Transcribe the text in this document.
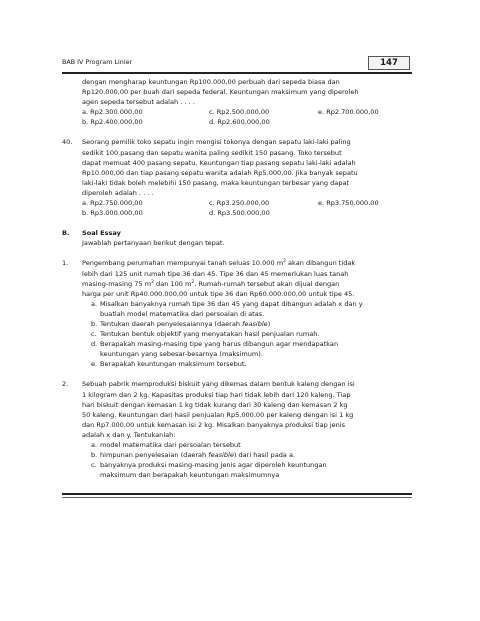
BAB IV Program Linier	147
dengan mengharap keuntungan Rp100.000,00 perbuah dari sepeda biasa dan
Rp120.000,00 per buah dari sepeda federal. Keuntungan maksimum yang diperoleh
agen sepeda tersebut adalah . . . .
a. Rp2.300.000,00	c. Rp2.500.000,00	e. Rp2.700.000,00
b. Rp2.400.000,00	d. Rp2.600.000,00
40. Seorang pemilik toko sepatu ingin mengisi tokonya dengan sepatu laki-laki paling
sedikit 100 pasang dan sepatu wanita paling sedikit 150 pasang. Toko tersebut
dapat memuat 400 pasang sepatu. Keuntungan tiap pasang sepatu laki-laki adalah
Rp10.000,00 dan tiap pasang sepatu wanita adalah Rp5.000,00. Jika banyak sepatu
laki-laki tidak boleh melebihi 150 pasang, maka keuntungan terbesar yang dapat
diperoleh adalah . . . .
a. Rp2.750.000,00	c. Rp3.250.000,00	e. Rp3.750.000,00
b. Rp3.000.000,00	d. Rp3.500.000,00
B. Soal Essay
Jawablah pertanyaan berikut dengan tepat.
1. Pengembang perumahan mempunyai tanah seluas 10.000 $m^2$ akan dibangun tidak
lebih dari 125 unit rumah tipe 36 dan 45. Tipe 36 dan 45 memerlukan luas tanah
masing-masing 75 $m^2$ dan 100 $m^2$. Rumah-rumah tersebut akan dijual dengan
harga per unit Rp40.000.000,00 untuk tipe 36 dan Rp60.000.000,00 untuk tipe 45.
a. Misalkan banyaknya rumah tipe 36 dan 45 yang dapat dibangun adalah x dan y
buatlah model matematika dari persoalan di atas.
b. Tentukan daerah penyelesaiannya (daerah feasible)
c. Tentukan bentuk objektif yang menyatakan hasil penjualan rumah.
d. Berapakah masing-masing tipe yang harus dibangun agar mendapatkan
keuntungan yang sebesar-besarnya (maksimum).
e. Berapakah keuntungan maksimum tersebut.
2. Sebuah pabrik memproduksi biskuit yang dikemas dalam bentuk kaleng dengan isi
1 kilogram dan 2 kg. Kapasitas produksi tiap hari tidak lebih dari 120 kaleng. Tiap
hari biskuit dengan kemasan 1 kg tidak kurang dari 30 kaleng dan kemasan 2 kg
50 kaleng. Keuntungan dari hasil penjualan Rp5.000,00 per kaleng dengan isi 1 kg
dan Rp7.000,00 untuk kemasan isi 2 kg. Misalkan banyaknya produksi tiap jenis
adalah x dan y. Tentukanlah:
a. model matematika dari persoalan tersebut
b. himpunan penyelesaian (daerah feasible) dari hasil pada a.
c. banyaknya produksi masing-masing jenis agar diperoleh keuntungan
maksimum dan berapakah keuntungan maksimumnya
